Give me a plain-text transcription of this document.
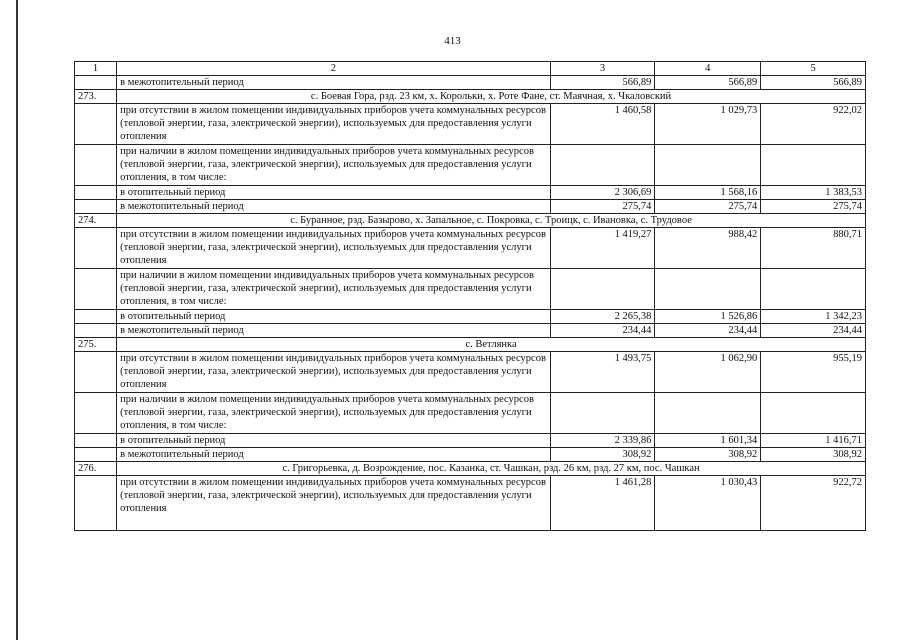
413
1	2	3	4	5
	в межотопительный период	566,89	566,89	566,89
273.	с. Боевая Гора, рзд. 23 км, х. Корольки, х. Роте Фане, ст. Маячная, х. Чкаловский			
	при отсутствии в жилом помещении индивидуальных приборов учета коммунальных ресурсов (тепловой энергии, газа, электрической энергии), используемых для предоставления услуги отопления	1 460,58	1 029,73	922,02
	при наличии в жилом помещении индивидуальных приборов учета коммунальных ресурсов (тепловой энергии, газа, электрической энергии), используемых для предоставления услуги отопления, в том числе:			
	в отопительный период	2 306,69	1 568,16	1 383,53
	в межотопительный период	275,74	275,74	275,74
274.	с. Буранное, рзд. Базырово, х. Запальное, с. Покровка, с. Троицк, с. Ивановка, с. Трудовое			
	при отсутствии в жилом помещении индивидуальных приборов учета коммунальных ресурсов (тепловой энергии, газа, электрической энергии), используемых для предоставления услуги отопления	1 419,27	988,42	880,71
	при наличии в жилом помещении индивидуальных приборов учета коммунальных ресурсов (тепловой энергии, газа, электрической энергии), используемых для предоставления услуги отопления, в том числе:			
	в отопительный период	2 265,38	1 526,86	1 342,23
	в межотопительный период	234,44	234,44	234,44
275.	с. Ветлянка			
	при отсутствии в жилом помещении индивидуальных приборов учета коммунальных ресурсов (тепловой энергии, газа, электрической энергии), используемых для предоставления услуги отопления	1 493,75	1 062,90	955,19
	при наличии в жилом помещении индивидуальных приборов учета коммунальных ресурсов (тепловой энергии, газа, электрической энергии), используемых для предоставления услуги отопления, в том числе:			
	в отопительный период	2 339,86	1 601,34	1 416,71
	в межотопительный период	308,92	308,92	308,92
276.	с. Григорьевка, д. Возрождение, пос. Казанка, ст. Чашкан, рзд. 26 км, рзд. 27 км, пос. Чашкан			
	при отсутствии в жилом помещении индивидуальных приборов учета коммунальных ресурсов (тепловой энергии, газа, электрической энергии), используемых для предоставления услуги отопления	1 461,28	1 030,43	922,72
